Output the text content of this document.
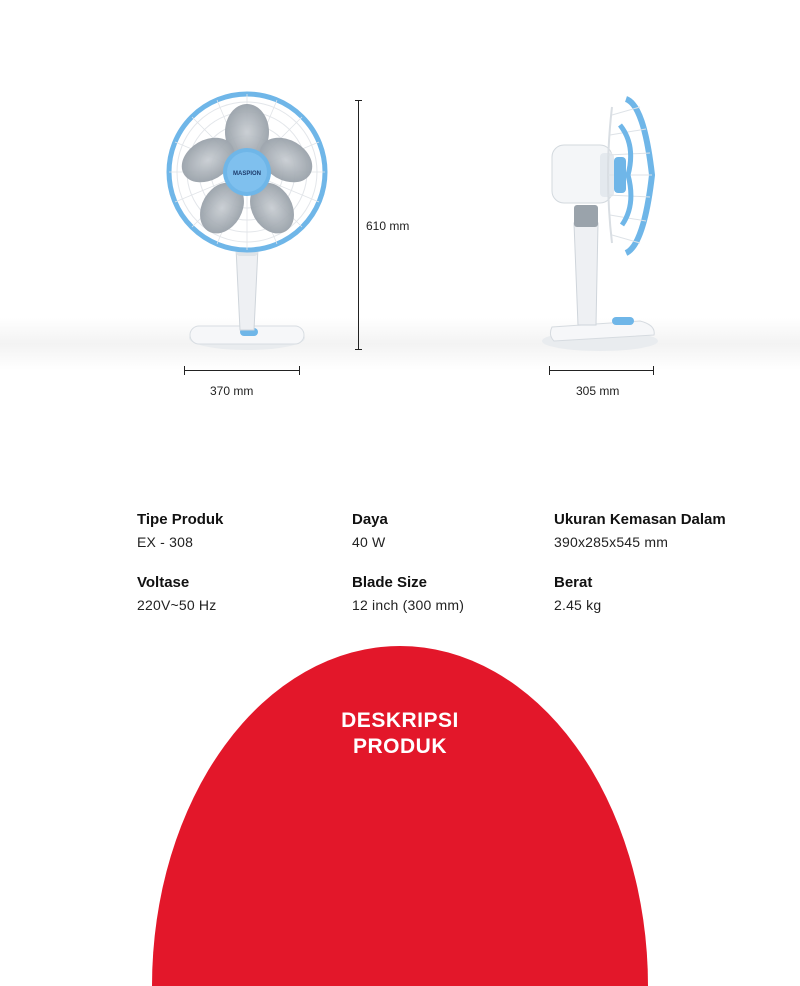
MASPION
610 mm
370 mm	305 mm
Tipe Produk
EX - 308
Daya
40 W
Ukuran Kemasan Dalam
390x285x545 mm
Voltase
220V~50 Hz
Blade Size
12 inch (300 mm)
Berat
2.45 kg
DESKRIPSI
PRODUK
